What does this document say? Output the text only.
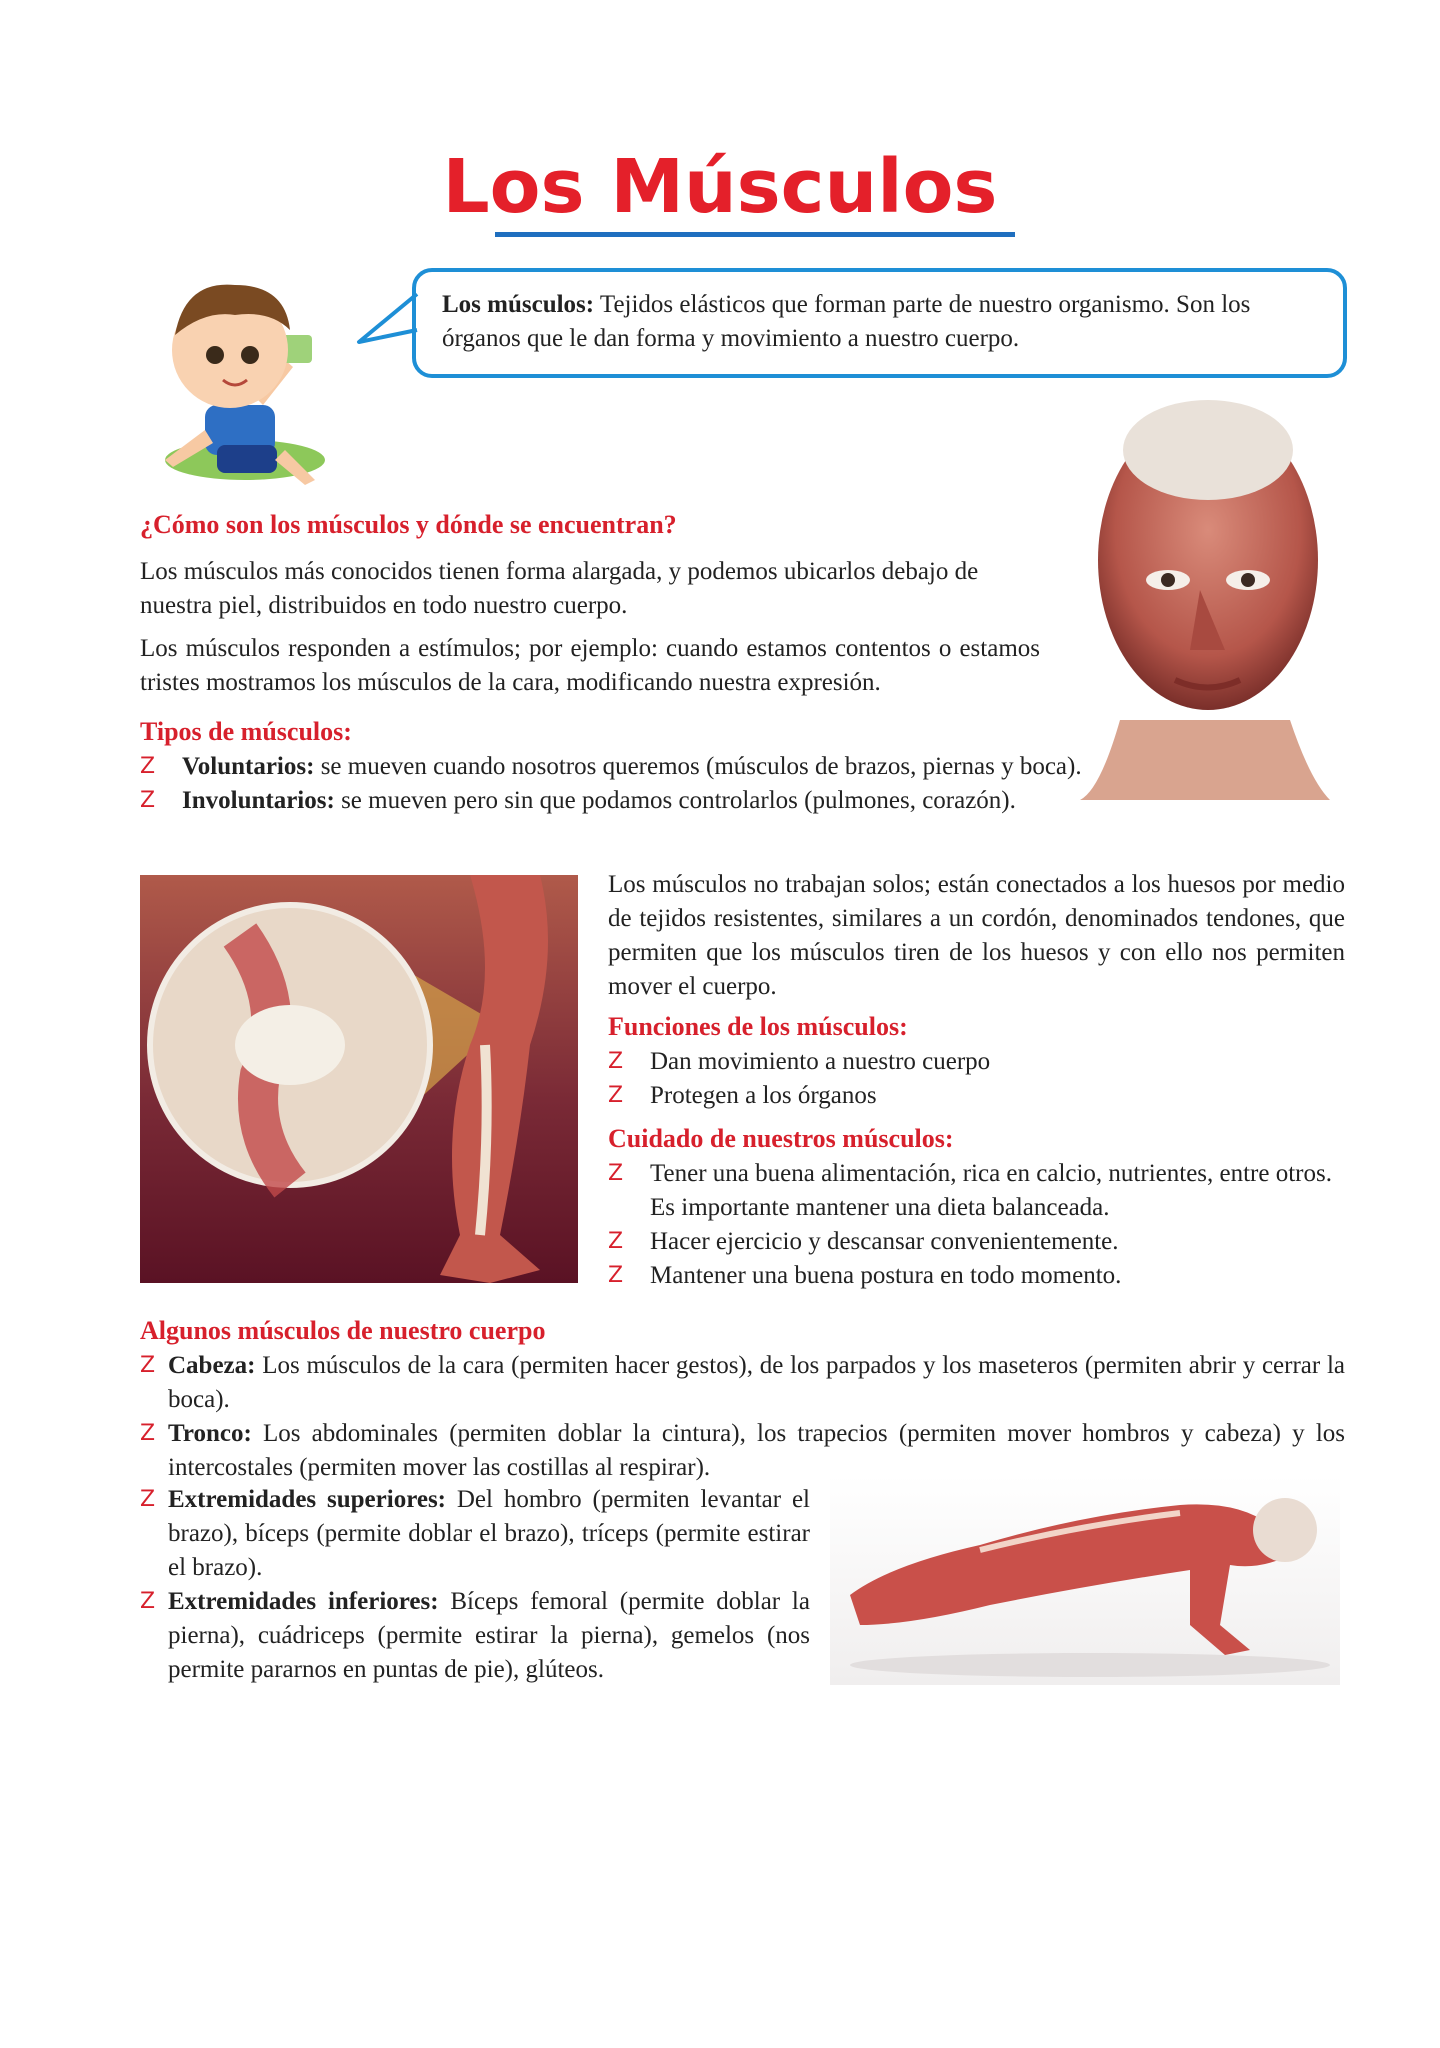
Los Músculos
Los músculos: Tejidos elásticos que forman parte de nuestro organismo. Son los órganos que le dan forma y movimiento a nuestro cuerpo.
¿Cómo son los músculos y dónde se encuentran?
Los músculos más conocidos tienen forma alargada, y podemos ubicarlos debajo de nuestra piel, distribuidos en todo nuestro cuerpo.
Los músculos responden a estímulos; por ejemplo: cuando estamos contentos o estamos tristes mostramos los músculos de la cara, modificando nuestra expresión.
Tipos de músculos:
Z Voluntarios: se mueven cuando nosotros queremos (músculos de brazos, piernas y boca).
Z Involuntarios: se mueven pero sin que podamos controlarlos (pulmones, corazón).
Los músculos no trabajan solos; están conectados a los huesos por medio de tejidos resistentes, similares a un cordón, denominados tendones, que permiten que los músculos tiren de los huesos y con ello nos permiten mover el cuerpo.
Funciones de los músculos:
Z Dan movimiento a nuestro cuerpo
Z Protegen a los órganos
Cuidado de nuestros músculos:
Z Tener una buena alimentación, rica en calcio, nutrientes, entre otros. Es importante mantener una dieta balanceada.
Z Hacer ejercicio y descansar convenientemente.
Z Mantener una buena postura en todo momento.
Algunos músculos de nuestro cuerpo
Z Cabeza: Los músculos de la cara (permiten hacer gestos), de los parpados y los maseteros (permiten abrir y cerrar la boca).
Z Tronco: Los abdominales (permiten doblar la cintura), los trapecios (permiten mover hombros y cabeza) y los intercostales (permiten mover las costillas al respirar).
Z Extremidades superiores: Del hombro (permiten levantar el brazo), bíceps (permite doblar el brazo), tríceps (permite estirar el brazo).
Z Extremidades inferiores: Bíceps femoral (permite doblar la pierna), cuádriceps (permite estirar la pierna), gemelos (nos permite pararnos en puntas de pie), glúteos.
